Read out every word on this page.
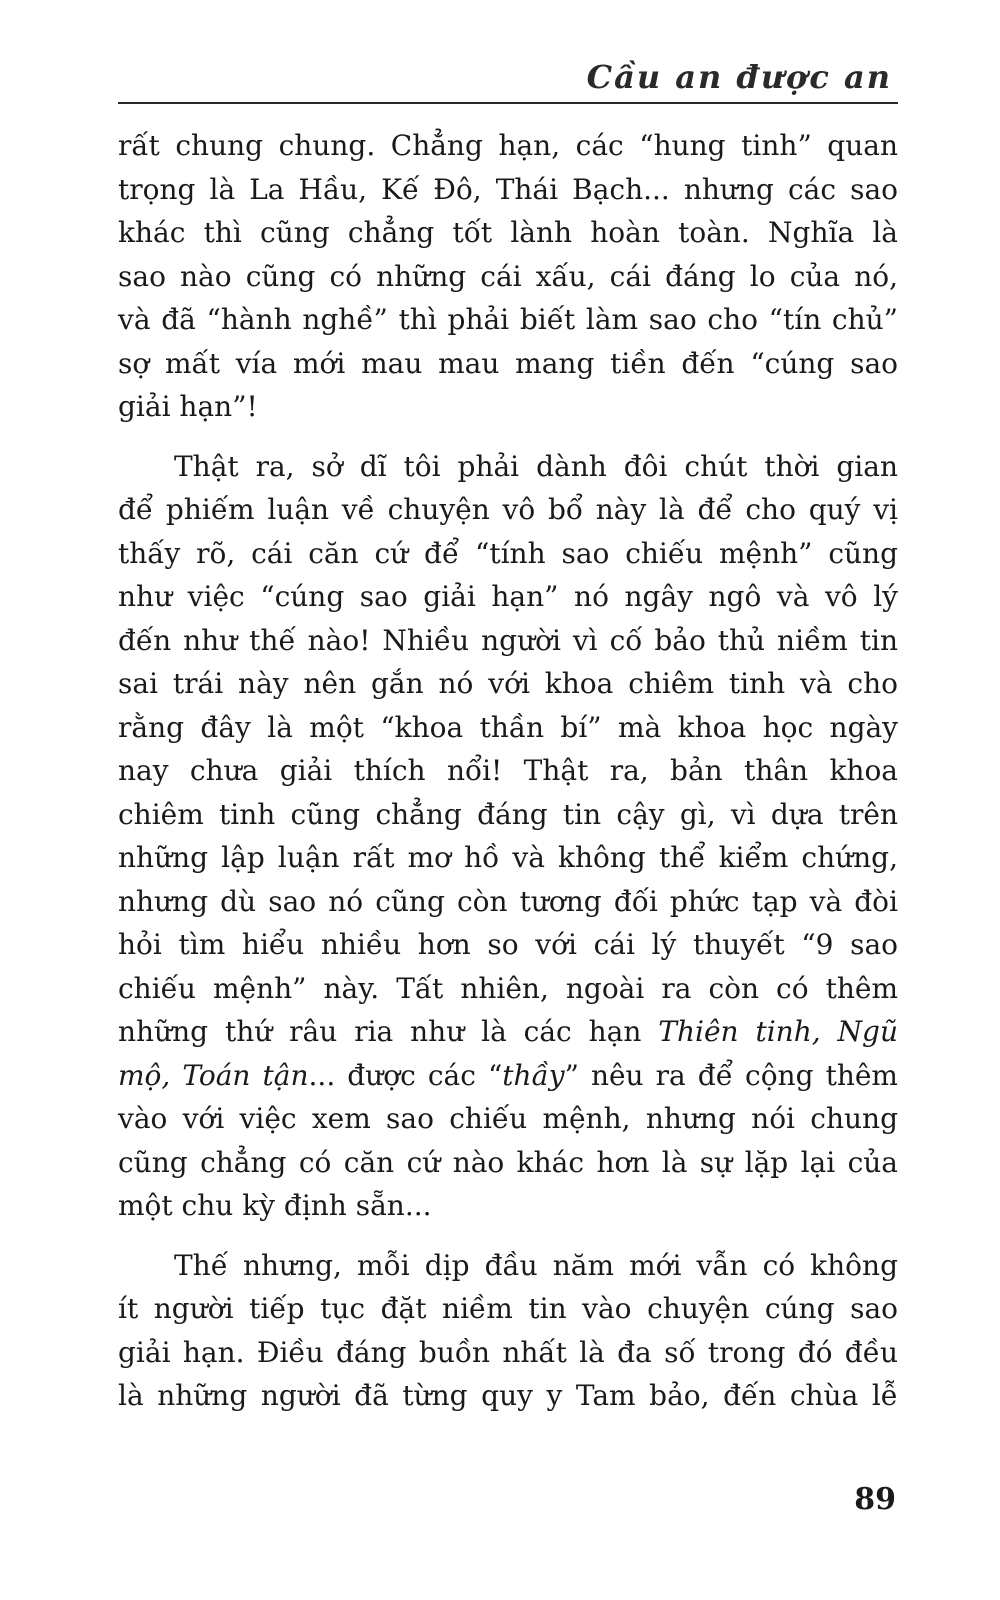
Cầu an được an
rất chung chung. Chẳng hạn, các “hung tinh” quan
trọng là La Hầu, Kế Đô, Thái Bạch... nhưng các sao
khác thì cũng chẳng tốt lành hoàn toàn. Nghĩa là
sao nào cũng có những cái xấu, cái đáng lo của nó,
và đã “hành nghề” thì phải biết làm sao cho “tín chủ”
sợ mất vía mới mau mau mang tiền đến “cúng sao
giải hạn”!
Thật ra, sở dĩ tôi phải dành đôi chút thời gian
để phiếm luận về chuyện vô bổ này là để cho quý vị
thấy rõ, cái căn cứ để “tính sao chiếu mệnh” cũng
như việc “cúng sao giải hạn” nó ngây ngô và vô lý
đến như thế nào! Nhiều người vì cố bảo thủ niềm tin
sai trái này nên gắn nó với khoa chiêm tinh và cho
rằng đây là một “khoa thần bí” mà khoa học ngày
nay chưa giải thích nổi! Thật ra, bản thân khoa
chiêm tinh cũng chẳng đáng tin cậy gì, vì dựa trên
những lập luận rất mơ hồ và không thể kiểm chứng,
nhưng dù sao nó cũng còn tương đối phức tạp và đòi
hỏi tìm hiểu nhiều hơn so với cái lý thuyết “9 sao
chiếu mệnh” này. Tất nhiên, ngoài ra còn có thêm
những thứ râu ria như là các hạn Thiên tinh, Ngũ
mộ, Toán tận... được các “thầy” nêu ra để cộng thêm
vào với việc xem sao chiếu mệnh, nhưng nói chung
cũng chẳng có căn cứ nào khác hơn là sự lặp lại của
một chu kỳ định sẵn...
Thế nhưng, mỗi dịp đầu năm mới vẫn có không
ít người tiếp tục đặt niềm tin vào chuyện cúng sao
giải hạn. Điều đáng buồn nhất là đa số trong đó đều
là những người đã từng quy y Tam bảo, đến chùa lễ
89
